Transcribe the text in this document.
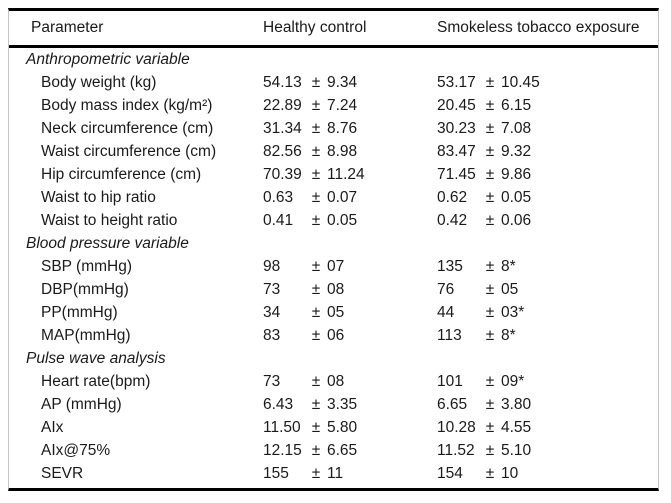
Parameter	Healthy control	Smokeless tobacco exposure
Anthropometric variable
Body weight (kg)	54.13 ± 9.34	53.17 ± 10.45
Body mass index (kg/m²)	22.89 ± 7.24	20.45 ± 6.15
Neck circumference (cm)	31.34 ± 8.76	30.23 ± 7.08
Waist circumference (cm)	82.56 ± 8.98	83.47 ± 9.32
Hip circumference (cm)	70.39 ± 11.24	71.45 ± 9.86
Waist to hip ratio	0.63 ± 0.07	0.62 ± 0.05
Waist to height ratio	0.41 ± 0.05	0.42 ± 0.06
Blood pressure variable
SBP (mmHg)	98 ± 07	135 ± 8*
DBP(mmHg)	73 ± 08	76 ± 05
PP(mmHg)	34 ± 05	44 ± 03*
MAP(mmHg)	83 ± 06	113 ± 8*
Pulse wave analysis
Heart rate(bpm)	73 ± 08	101 ± 09*
AP (mmHg)	6.43 ± 3.35	6.65 ± 3.80
AIx	11.50 ± 5.80	10.28 ± 4.55
AIx@75%	12.15 ± 6.65	11.52 ± 5.10
SEVR	155 ± 11	154 ± 10
